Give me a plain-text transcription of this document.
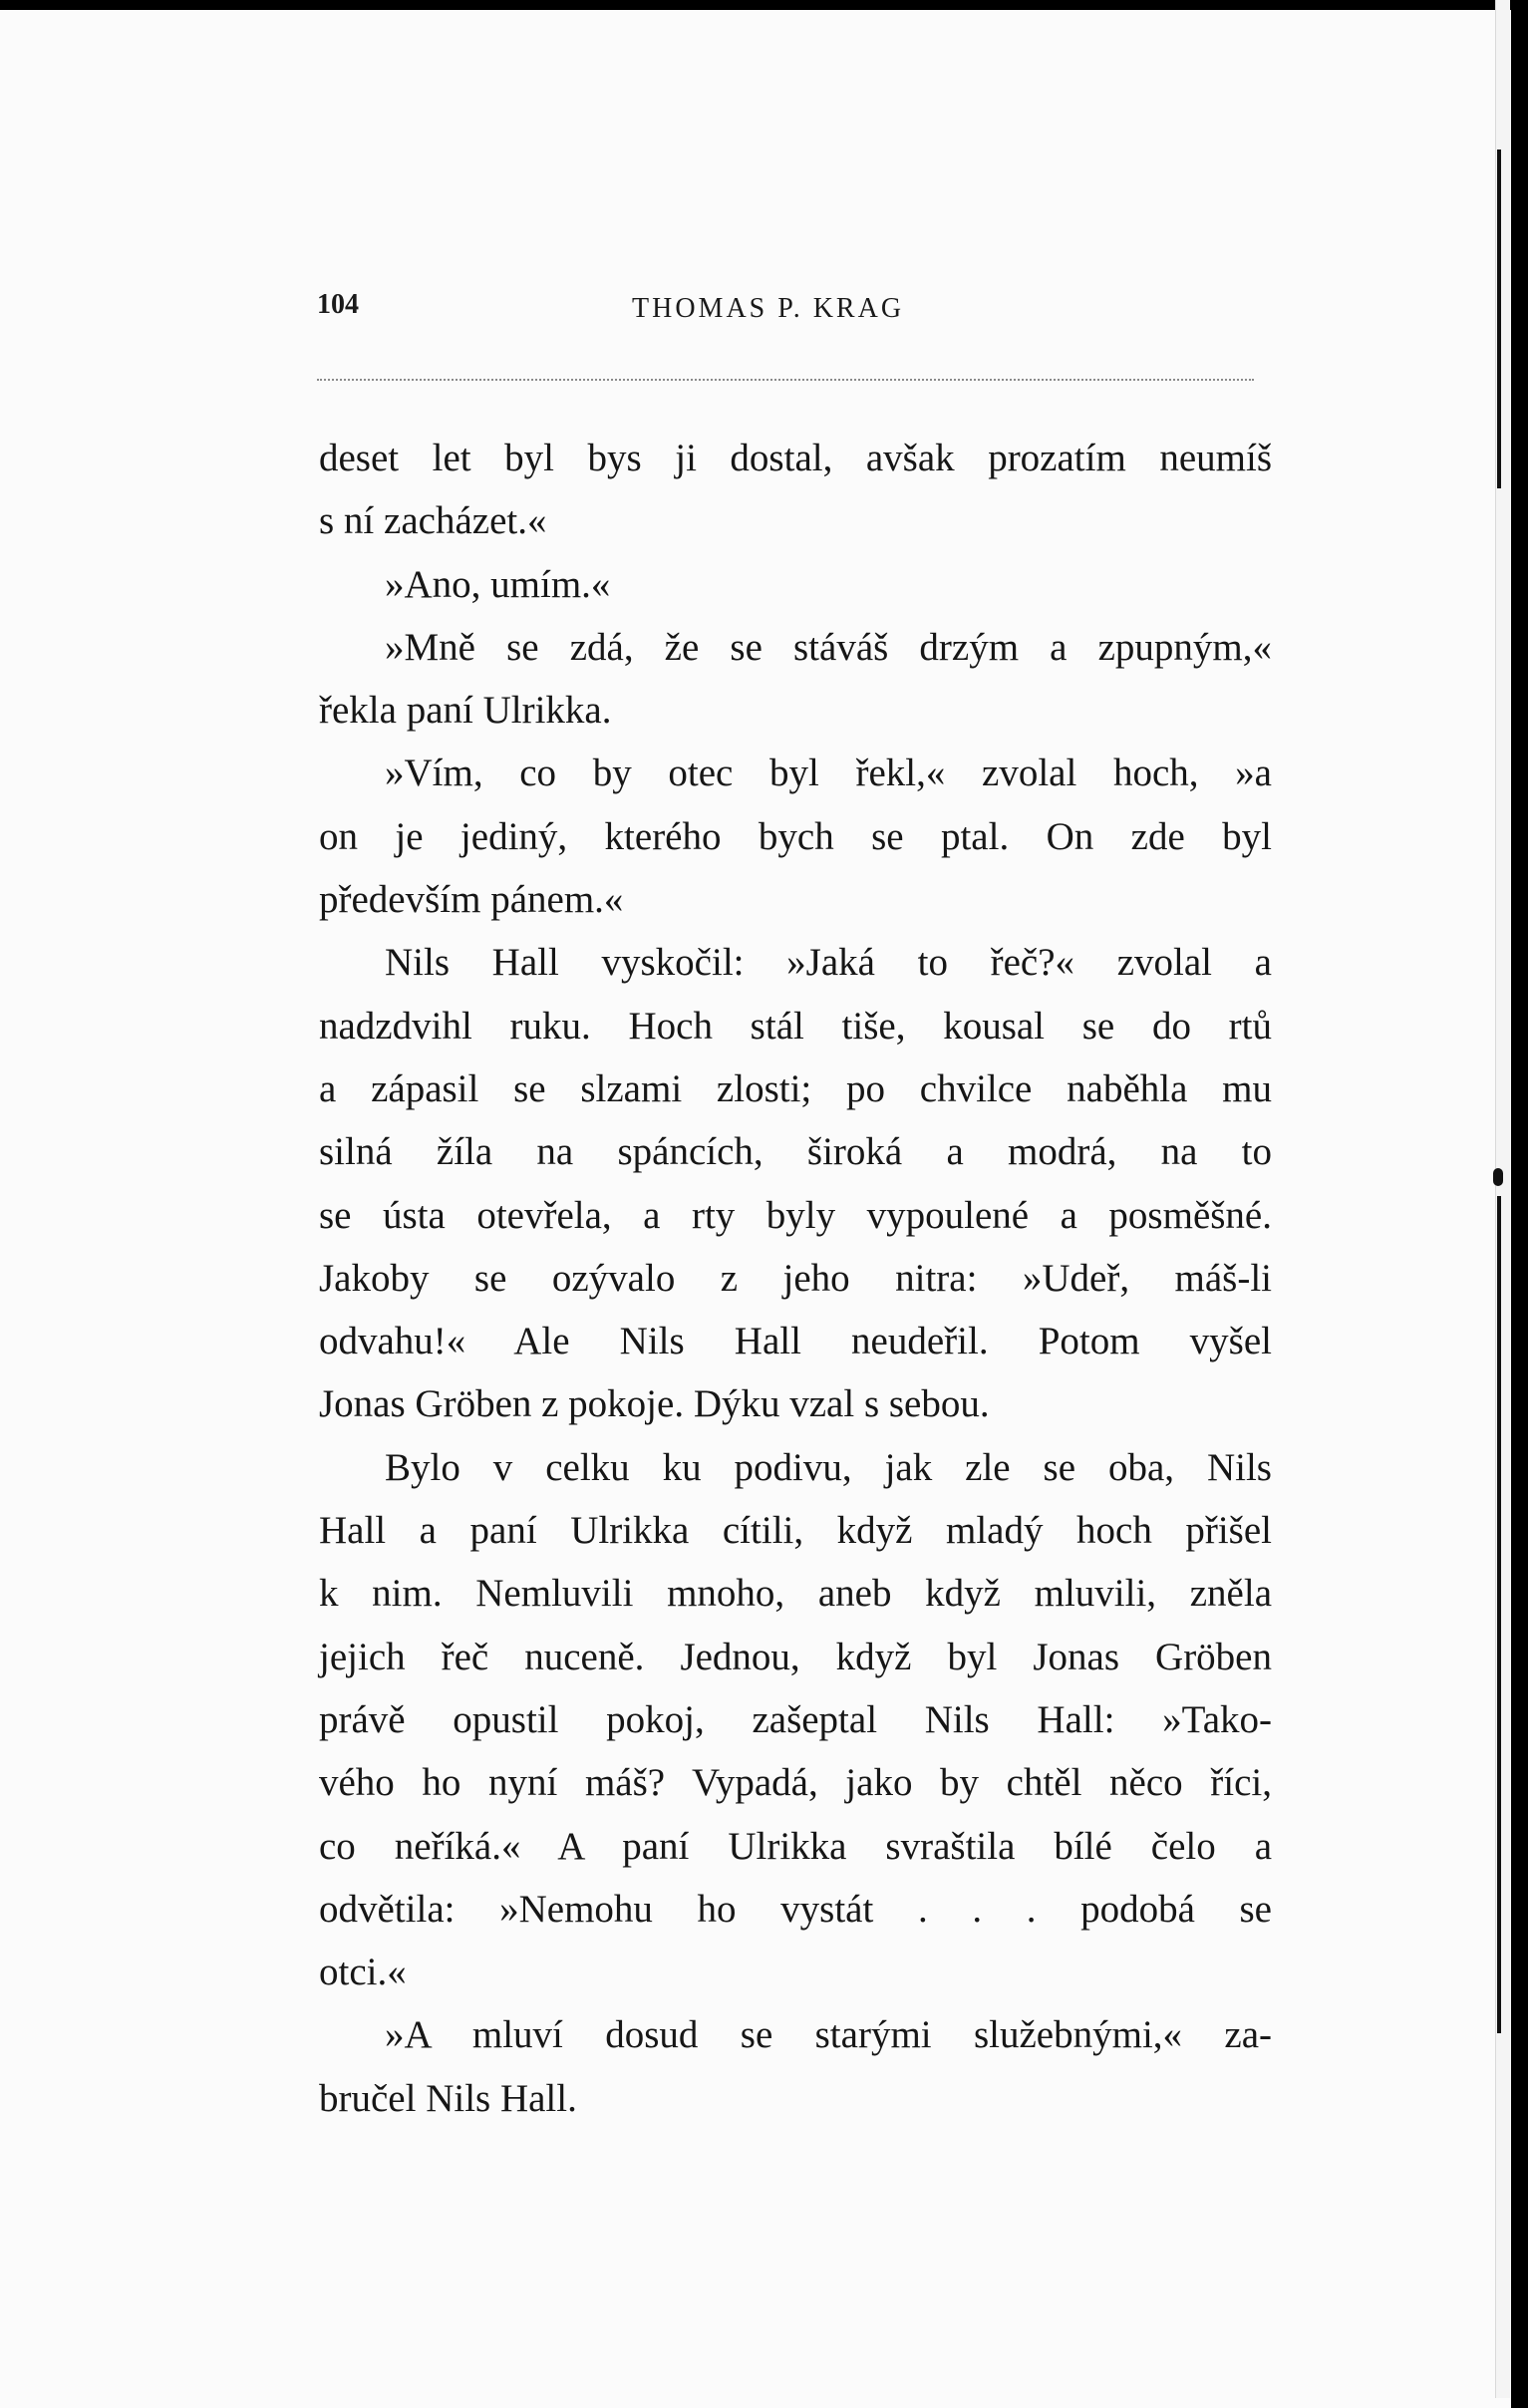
104	THOMAS P. KRAG
deset let byl bys ji dostal, avšak prozatím neumíš
s ní zacházet.«
»Ano, umím.«
»Mně se zdá, že se stáváš drzým a zpupným,«
řekla paní Ulrikka.
»Vím, co by otec byl řekl,« zvolal hoch, »a
on je jediný, kterého bych se ptal. On zde byl
především pánem.«
Nils Hall vyskočil: »Jaká to řeč?« zvolal a
nadzdvihl ruku. Hoch stál tiše, kousal se do rtů
a zápasil se slzami zlosti; po chvilce naběhla mu
silná žíla na spáncích, široká a modrá, na to
se ústa otevřela, a rty byly vypoulené a posměšné.
Jakoby se ozývalo z jeho nitra: »Udeř, máš-li
odvahu!« Ale Nils Hall neudeřil. Potom vyšel
Jonas Gröben z pokoje. Dýku vzal s sebou.
Bylo v celku ku podivu, jak zle se oba, Nils
Hall a paní Ulrikka cítili, když mladý hoch přišel
k nim. Nemluvili mnoho, aneb když mluvili, zněla
jejich řeč nuceně. Jednou, když byl Jonas Gröben
právě opustil pokoj, zašeptal Nils Hall: »Tako-
vého ho nyní máš? Vypadá, jako by chtěl něco říci,
co neříká.« A paní Ulrikka svraštila bílé čelo a
odvětila: »Nemohu ho vystát . . . podobá se
otci.«
»A mluví dosud se starými služebnými,« za-
bručel Nils Hall.
